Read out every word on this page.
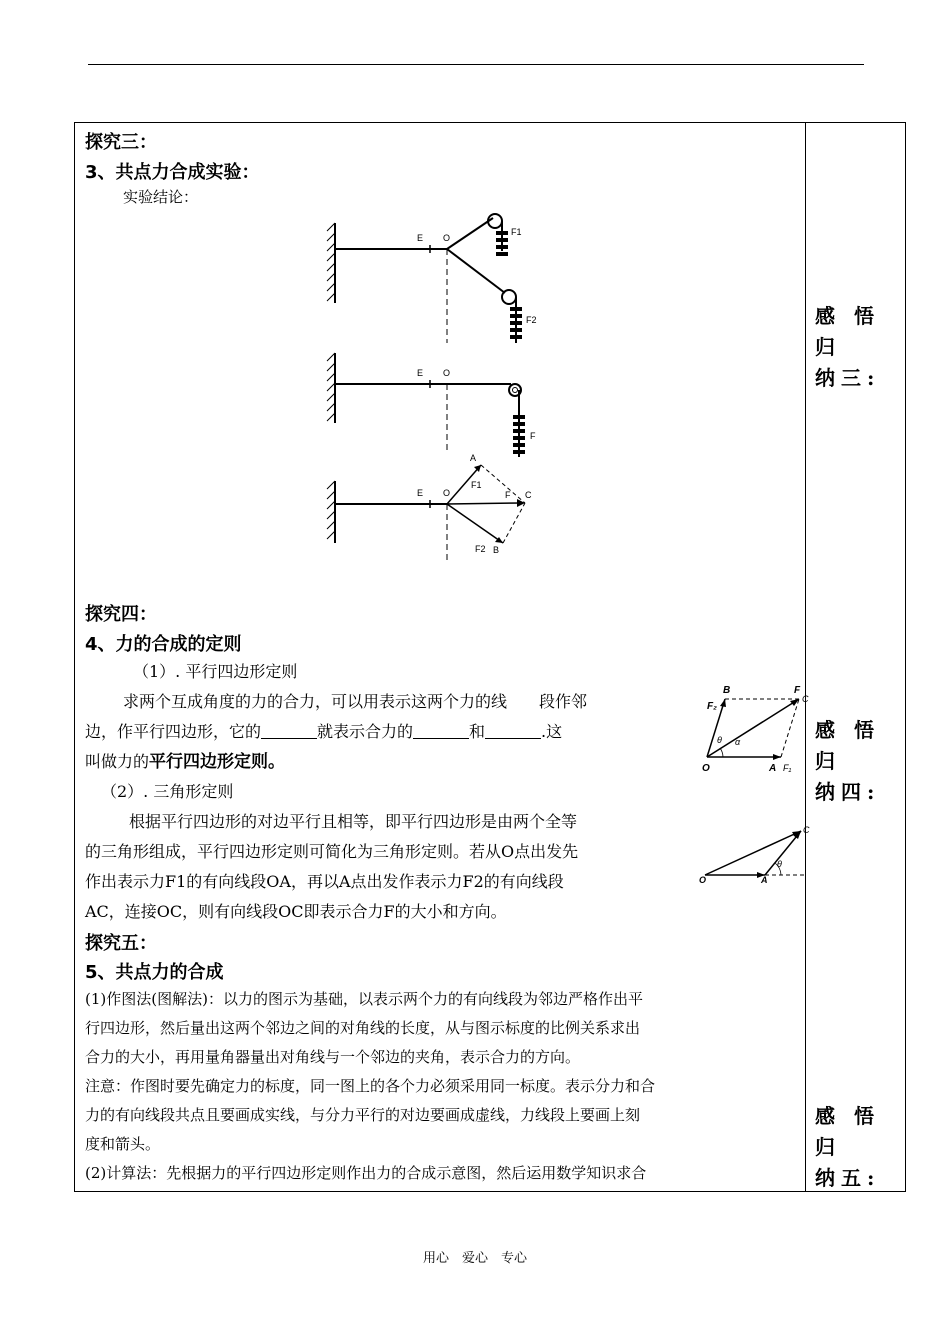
探究三：
3、共点力合成实验：
实验结论：
E O
F1
F2
E O
F
E O
A
F1
F2 B
F C
探究四：
4、力的合成的定则
（1）. 平行四边形定则
求两个互成角度的力的合力，可以用表示这两个力的线　　段作邻
边，作平行四边形，它的	就表示合力的	和	.这
叫做力的平行四边形定则。
（2）. 三角形定则
根据平行四边形的对边平行且相等，即平行四边形是由两个全等
的三角形组成，平行四边形定则可简化为三角形定则。若从O点出发先
作出表示力F1的有向线段OA，再以A点出发作表示力F2的有向线段
AC，连接OC，则有向线段OC即表示合力F的大小和方向。
B	F
C
F₂
θ α
O	A F₁
C
θ
O	A
探究五：
5、共点力的合成
(1)作图法(图解法)：以力的图示为基础，以表示两个力的有向线段为邻边严格作出平
行四边形，然后量出这两个邻边之间的对角线的长度，从与图示标度的比例关系求出
合力的大小，再用量角器量出对角线与一个邻边的夹角，表示合力的方向。
注意：作图时要先确定力的标度，同一图上的各个力必须采用同一标度。表示分力和合
力的有向线段共点且要画成实线，与分力平行的对边要画成虚线，力线段上要画上刻
度和箭头。
(2)计算法：先根据力的平行四边形定则作出力的合成示意图，然后运用数学知识求合
感 悟 归
纳三:
感 悟 归
纳四:
感 悟 归
纳五:
用心　爱心　专心
